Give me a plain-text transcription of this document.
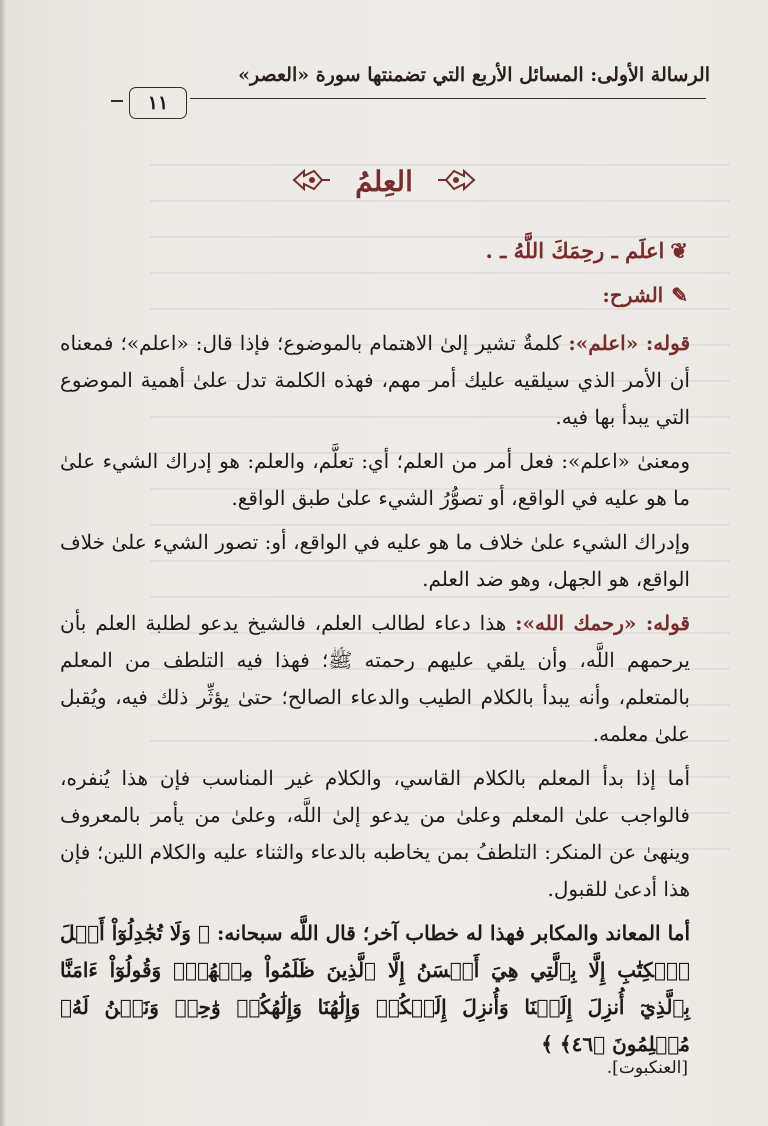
الرسالة الأولى: المسائل الأربع التي تضمنتها سورة «العصر»
١١
العِلمُ
❦اعلَم ـ رحِمَكَ اللَّهُ ـ .
✎الشرح:

قوله: «اعلم»: كلمةٌ تشير إلىٰ الاهتمام بالموضوع؛ فإذا قال: «اعلم»؛ فمعناه أن الأمر الذي سيلقيه عليك أمر مهم، فهذه الكلمة تدل علىٰ أهمية الموضوع التي يبدأ بها فيه.

ومعنىٰ «اعلم»: فعل أمر من العلم؛ أي: تعلَّم، والعلم: هو إدراك الشيء علىٰ ما هو عليه في الواقع، أو تصوُّرُ الشيء علىٰ طبق الواقع.

وإدراك الشيء علىٰ خلاف ما هو عليه في الواقع، أو: تصور الشيء علىٰ خلاف الواقع، هو الجهل، وهو ضد العلم.

قوله: «رحمك الله»: هذا دعاء لطالب العلم، فالشيخ يدعو لطلبة العلم بأن يرحمهم اللَّه، وأن يلقي عليهم رحمته ﷺ؛ فهذا فيه التلطف من المعلم بالمتعلم، وأنه يبدأ بالكلام الطيب والدعاء الصالح؛ حتىٰ يؤثِّر ذلك فيه، ويُقبل علىٰ معلمه.

أما إذا بدأ المعلم بالكلام القاسي، والكلام غير المناسب فإن هذا يُنفره، فالواجب علىٰ المعلم وعلىٰ من يدعو إلىٰ اللَّه، وعلىٰ من يأمر بالمعروف وينهىٰ عن المنكر: التلطفُ بمن يخاطبه بالدعاء والثناء عليه والكلام اللين؛ فإن هذا أدعىٰ للقبول.

أما المعاند والمكابر فهذا له خطاب آخر؛ قال اللَّه سبحانه: ﴿ وَلَا تُجَٰدِلُوٓاْ أَهۡلَ ٱلۡكِتَٰبِ إِلَّا بِٱلَّتِي هِيَ أَحۡسَنُ إِلَّا ٱلَّذِينَ ظَلَمُواْ مِنۡهُمۡۖ وَقُولُوٓاْ ءَامَنَّا بِٱلَّذِيٓ أُنزِلَ إِلَيۡنَا وَأُنزِلَ إِلَيۡكُمۡ وَإِلَٰهُنَا وَإِلَٰهُكُمۡ وَٰحِدٞ وَنَحۡنُ لَهُۥ مُسۡلِمُونَ ﴿٤٦﴾ ﴾

[العنكبوت].
